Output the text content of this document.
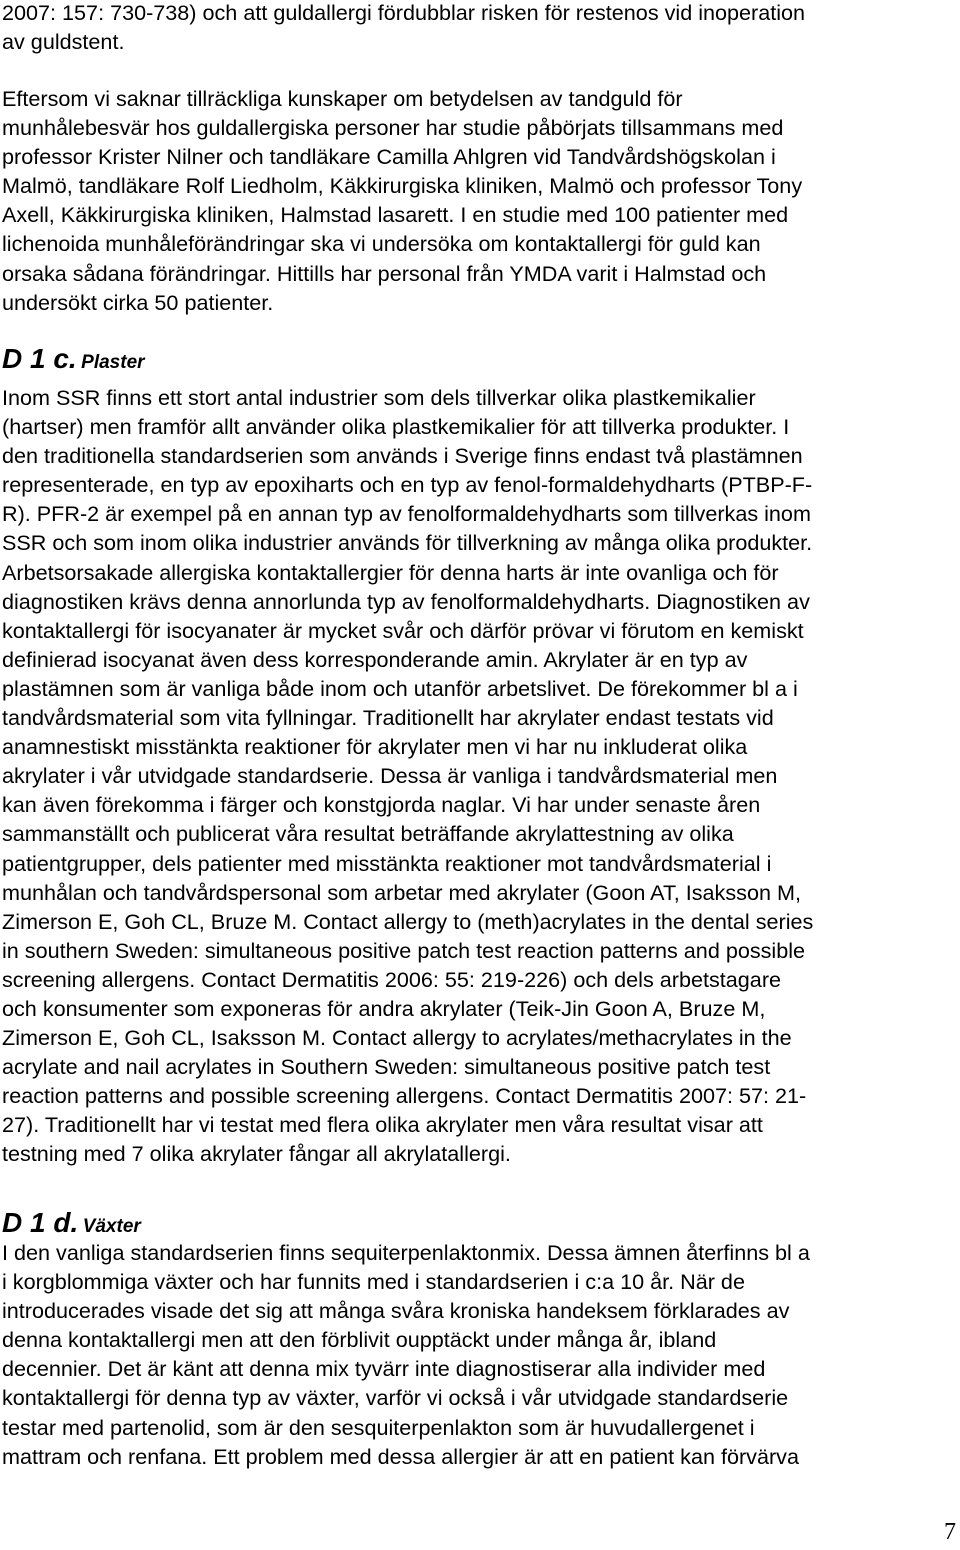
2007: 157: 730-738) och att guldallergi fördubblar risken för restenos vid inoperation
av guldstent.
Eftersom vi saknar tillräckliga kunskaper om betydelsen av tandguld för
munhålebesvär hos guldallergiska personer har studie påbörjats tillsammans med
professor Krister Nilner och tandläkare Camilla Ahlgren vid Tandvårdshögskolan i
Malmö, tandläkare Rolf Liedholm, Käkkirurgiska kliniken, Malmö och professor Tony
Axell, Käkkirurgiska kliniken, Halmstad lasarett. I en studie med 100 patienter med
lichenoida munhåleförändringar ska vi undersöka om kontaktallergi för guld kan
orsaka sådana förändringar. Hittills har personal från YMDA varit i Halmstad och
undersökt cirka 50 patienter.
D 1 c. Plaster
Inom SSR finns ett stort antal industrier som dels tillverkar olika plastkemikalier
(hartser) men framför allt använder olika plastkemikalier för att tillverka produkter. I
den traditionella standardserien som används i Sverige finns endast två plastämnen
representerade, en typ av epoxiharts och en typ av fenol-formaldehydharts (PTBP-F-
R). PFR-2 är exempel på en annan typ av fenolformaldehydharts som tillverkas inom
SSR och som inom olika industrier används för tillverkning av många olika produkter.
Arbetsorsakade allergiska kontaktallergier för denna harts är inte ovanliga och för
diagnostiken krävs denna annorlunda typ av fenolformaldehydharts. Diagnostiken av
kontaktallergi för isocyanater är mycket svår och därför prövar vi förutom en kemiskt
definierad isocyanat även dess korresponderande amin. Akrylater är en typ av
plastämnen som är vanliga både inom och utanför arbetslivet. De förekommer bl a i
tandvårdsmaterial som vita fyllningar. Traditionellt har akrylater endast testats vid
anamnestiskt misstänkta reaktioner för akrylater men vi har nu inkluderat olika
akrylater i vår utvidgade standardserie. Dessa är vanliga i tandvårdsmaterial men
kan även förekomma i färger och konstgjorda naglar. Vi har under senaste åren
sammanställt och publicerat våra resultat beträffande akrylattestning av olika
patientgrupper, dels patienter med misstänkta reaktioner mot tandvårdsmaterial i
munhålan och tandvårdspersonal som arbetar med akrylater (Goon AT, Isaksson M,
Zimerson E, Goh CL, Bruze M. Contact allergy to (meth)acrylates in the dental series
in southern Sweden: simultaneous positive patch test reaction patterns and possible
screening allergens. Contact Dermatitis 2006: 55: 219-226) och dels arbetstagare
och konsumenter som exponeras för andra akrylater (Teik-Jin Goon A, Bruze M,
Zimerson E, Goh CL, Isaksson M. Contact allergy to acrylates/methacrylates in the
acrylate and nail acrylates in Southern Sweden: simultaneous positive patch test
reaction patterns and possible screening allergens. Contact Dermatitis 2007: 57: 21-
27). Traditionellt har vi testat med flera olika akrylater men våra resultat visar att
testning med 7 olika akrylater fångar all akrylatallergi.
D 1 d. Växter
I den vanliga standardserien finns sequiterpenlaktonmix. Dessa ämnen återfinns bl a
i korgblommiga växter och har funnits med i standardserien i c:a 10 år. När de
introducerades visade det sig att många svåra kroniska handeksem förklarades av
denna kontaktallergi men att den förblivit oupptäckt under många år, ibland
decennier. Det är känt att denna mix tyvärr inte diagnostiserar alla individer med
kontaktallergi för denna typ av växter, varför vi också i vår utvidgade standardserie
testar med partenolid, som är den sesquiterpenlakton som är huvudallergenet i
mattram och renfana. Ett problem med dessa allergier är att en patient kan förvärva
7
